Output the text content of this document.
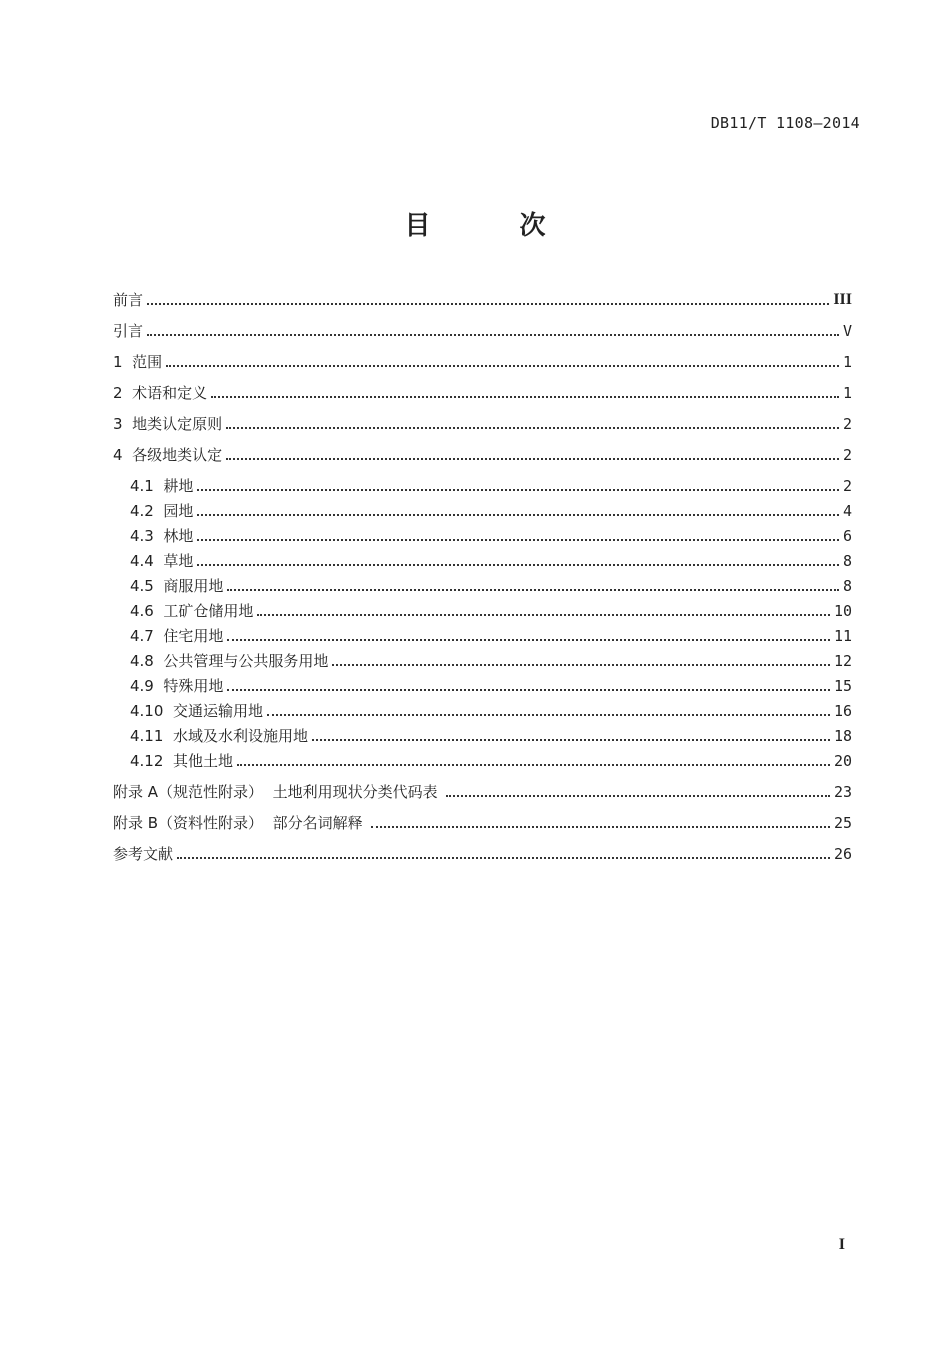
DB11/T 1108—2014
目 次
前言	III
引言	V
1 范围	1
2 术语和定义	1
3 地类认定原则	2
4 各级地类认定	2
4.1 耕地	2
4.2 园地	4
4.3 林地	6
4.4 草地	8
4.5 商服用地	8
4.6 工矿仓储用地	10
4.7 住宅用地	11
4.8 公共管理与公共服务用地	12
4.9 特殊用地	15
4.10 交通运输用地	16
4.11 水域及水利设施用地	18
4.12 其他土地	20
附录 A（规范性附录）  土地利用现状分类代码表	23
附录 B（资料性附录）  部分名词解释	25
参考文献	26
I
